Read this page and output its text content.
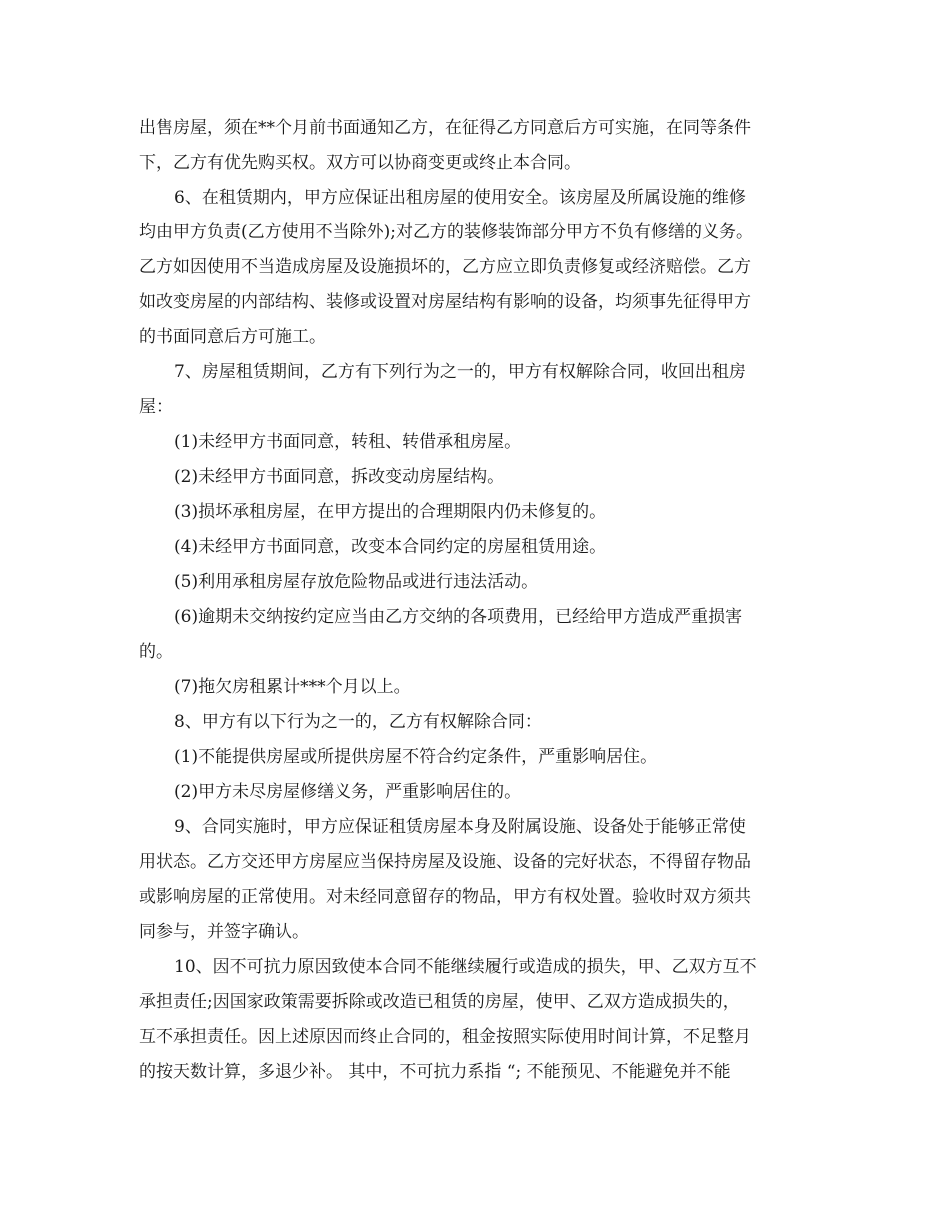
出售房屋，须在**个月前书面通知乙方，在征得乙方同意后方可实施，在同等条件
下，乙方有优先购买权。双方可以协商变更或终止本合同。
6、在租赁期内，甲方应保证出租房屋的使用安全。该房屋及所属设施的维修
均由甲方负责(乙方使用不当除外);对乙方的装修装饰部分甲方不负有修缮的义务。
乙方如因使用不当造成房屋及设施损坏的，乙方应立即负责修复或经济赔偿。乙方
如改变房屋的内部结构、装修或设置对房屋结构有影响的设备，均须事先征得甲方
的书面同意后方可施工。
7、房屋租赁期间，乙方有下列行为之一的，甲方有权解除合同，收回出租房
屋：
(1)未经甲方书面同意，转租、转借承租房屋。
(2)未经甲方书面同意，拆改变动房屋结构。
(3)损坏承租房屋，在甲方提出的合理期限内仍未修复的。
(4)未经甲方书面同意，改变本合同约定的房屋租赁用途。
(5)利用承租房屋存放危险物品或进行违法活动。
(6)逾期未交纳按约定应当由乙方交纳的各项费用，已经给甲方造成严重损害
的。
(7)拖欠房租累计***个月以上。
8、甲方有以下行为之一的，乙方有权解除合同：
(1)不能提供房屋或所提供房屋不符合约定条件，严重影响居住。
(2)甲方未尽房屋修缮义务，严重影响居住的。
9、合同实施时，甲方应保证租赁房屋本身及附属设施、设备处于能够正常使
用状态。乙方交还甲方房屋应当保持房屋及设施、设备的完好状态，不得留存物品
或影响房屋的正常使用。对未经同意留存的物品，甲方有权处置。验收时双方须共
同参与，并签字确认。
10、因不可抗力原因致使本合同不能继续履行或造成的损失，甲、乙双方互不
承担责任;因国家政策需要拆除或改造已租赁的房屋，使甲、乙双方造成损失的，
互不承担责任。因上述原因而终止合同的，租金按照实际使用时间计算，不足整月
的按天数计算，多退少补。 其中，不可抗力系指 “; 不能预见、不能避免并不能
